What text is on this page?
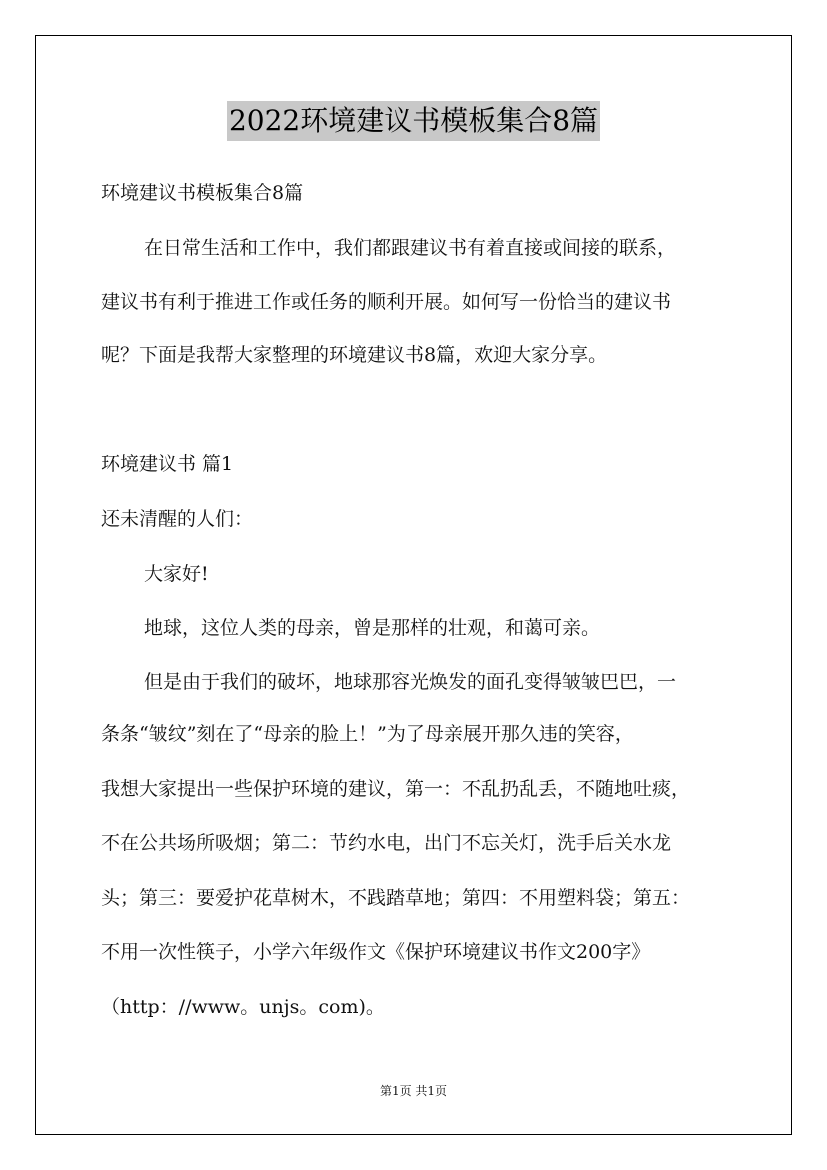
2022环境建议书模板集合8篇
环境建议书模板集合8篇
在日常生活和工作中，我们都跟建议书有着直接或间接的联系，
建议书有利于推进工作或任务的顺利开展。如何写一份恰当的建议书
呢？下面是我帮大家整理的环境建议书8篇，欢迎大家分享。
环境建议书 篇1
还未清醒的人们：
大家好!
地球，这位人类的母亲，曾是那样的壮观，和蔼可亲。
但是由于我们的破坏，地球那容光焕发的面孔变得皱皱巴巴，一
条条“皱纹”刻在了“母亲的脸上！”为了母亲展开那久违的笑容，
我想大家提出一些保护环境的建议，第一：不乱扔乱丢，不随地吐痰，
不在公共场所吸烟；第二：节约水电，出门不忘关灯，洗手后关水龙
头；第三：要爱护花草树木，不践踏草地；第四：不用塑料袋；第五：
不用一次性筷子，小学六年级作文《保护环境建议书作文200字》
（http：//www。unjs。com)。
第1页 共1页
